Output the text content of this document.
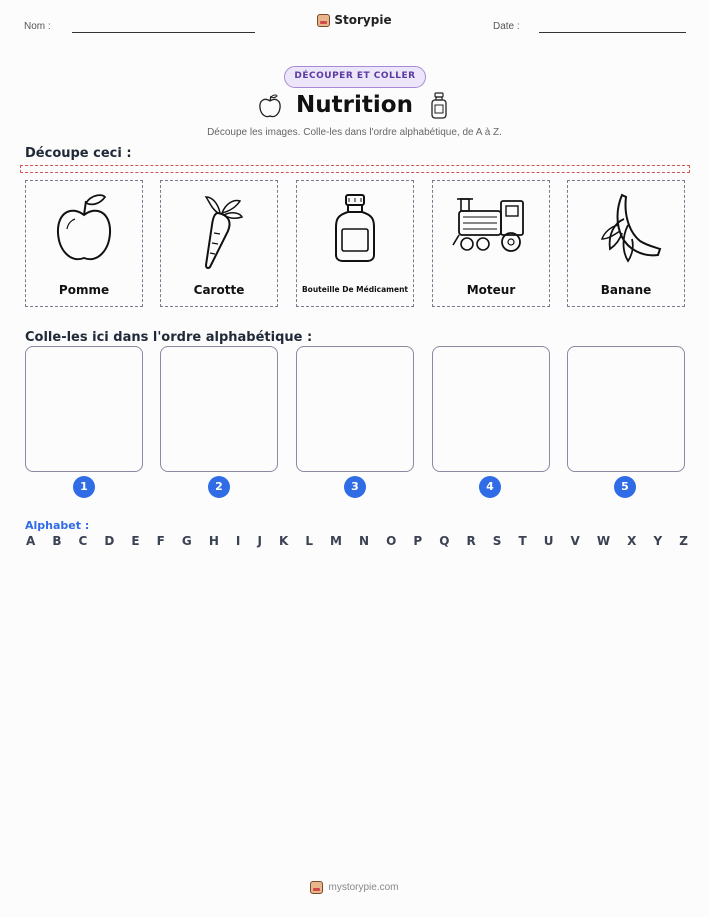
Nom :	Storypie	Date :
DÉCOUPER ET COLLER
Nutrition
Découpe les images. Colle-les dans l'ordre alphabétique, de A à Z.
Découpe ceci :
Pomme	Carotte	Bouteille De Médicament	Moteur	Banane
Colle-les ici dans l'ordre alphabétique :
1	2	3	4	5
Alphabet :
A B C D E F G H I J K L M N O P Q R S T U V W X Y Z
mystorypie.com
